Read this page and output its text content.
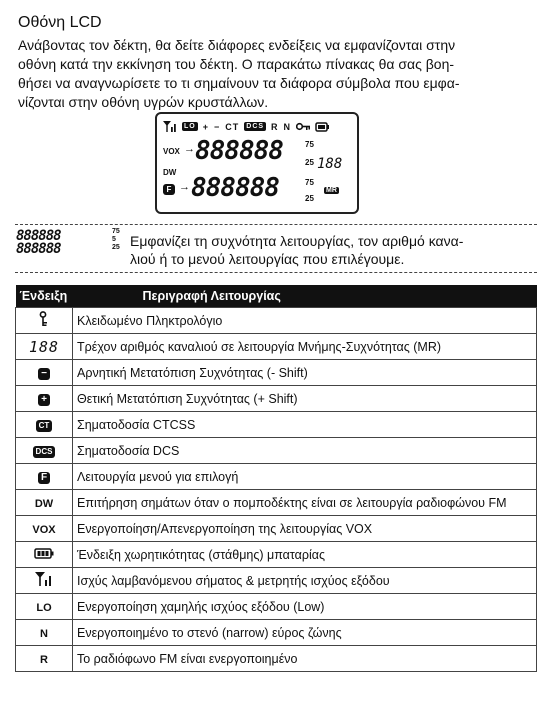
Οθόνη LCD
Ανάβοντας τον δέκτη, θα δείτε διάφορες ενδείξεις να εμφανίζονται στην
οθόνη κατά την εκκίνηση του δέκτη. Ο παρακάτω πίνακας θα σας βοη-
θήσει να αναγνωρίσετε το τι σημαίνουν τα διάφορα σύμβολα που εμφα-
νίζονται στην οθόνη υγρών κρυστάλλων.
LO + − CT DCS R N
VOX → 888888	75
25 188
DW
F → 888888	75
25
MR
888888
888888
75
5
25 Εμφανίζει τη συχνότητα λειτουργίας, τον αριθμό κανα-
λιού ή το μενού λειτουργίας που επιλέγουμε.
Ένδειξη	Περιγραφή Λειτουργίας
	Κλειδωμένο Πληκτρολόγιο
188	Τρέχον αριθμός καναλιού σε λειτουργία Μνήμης-Συχνότητας (MR)
−	Αρνητική Μετατόπιση Συχνότητας (- Shift)
+	Θετική Μετατόπιση Συχνότητας (+ Shift)
CT	Σηματοδοσία CTCSS
DCS	Σηματοδοσία DCS
F	Λειτουργία μενού για επιλογή
DW	Επιτήρηση σημάτων όταν ο πομποδέκτης είναι σε λειτουργία ραδιοφώνου FM
VOX	Ενεργοποίηση/Απενεργοποίηση της λειτουργίας VOX
	Ένδειξη χωρητικότητας (στάθμης) μπαταρίας
	Ισχύς λαμβανόμενου σήματος & μετρητής ισχύος εξόδου
LO	Ενεργοποίηση χαμηλής ισχύος εξόδου (Low)
N	Ενεργοποιημένο το στενό (narrow) εύρος ζώνης
R	Το ραδιόφωνο FM είναι ενεργοποιημένο
